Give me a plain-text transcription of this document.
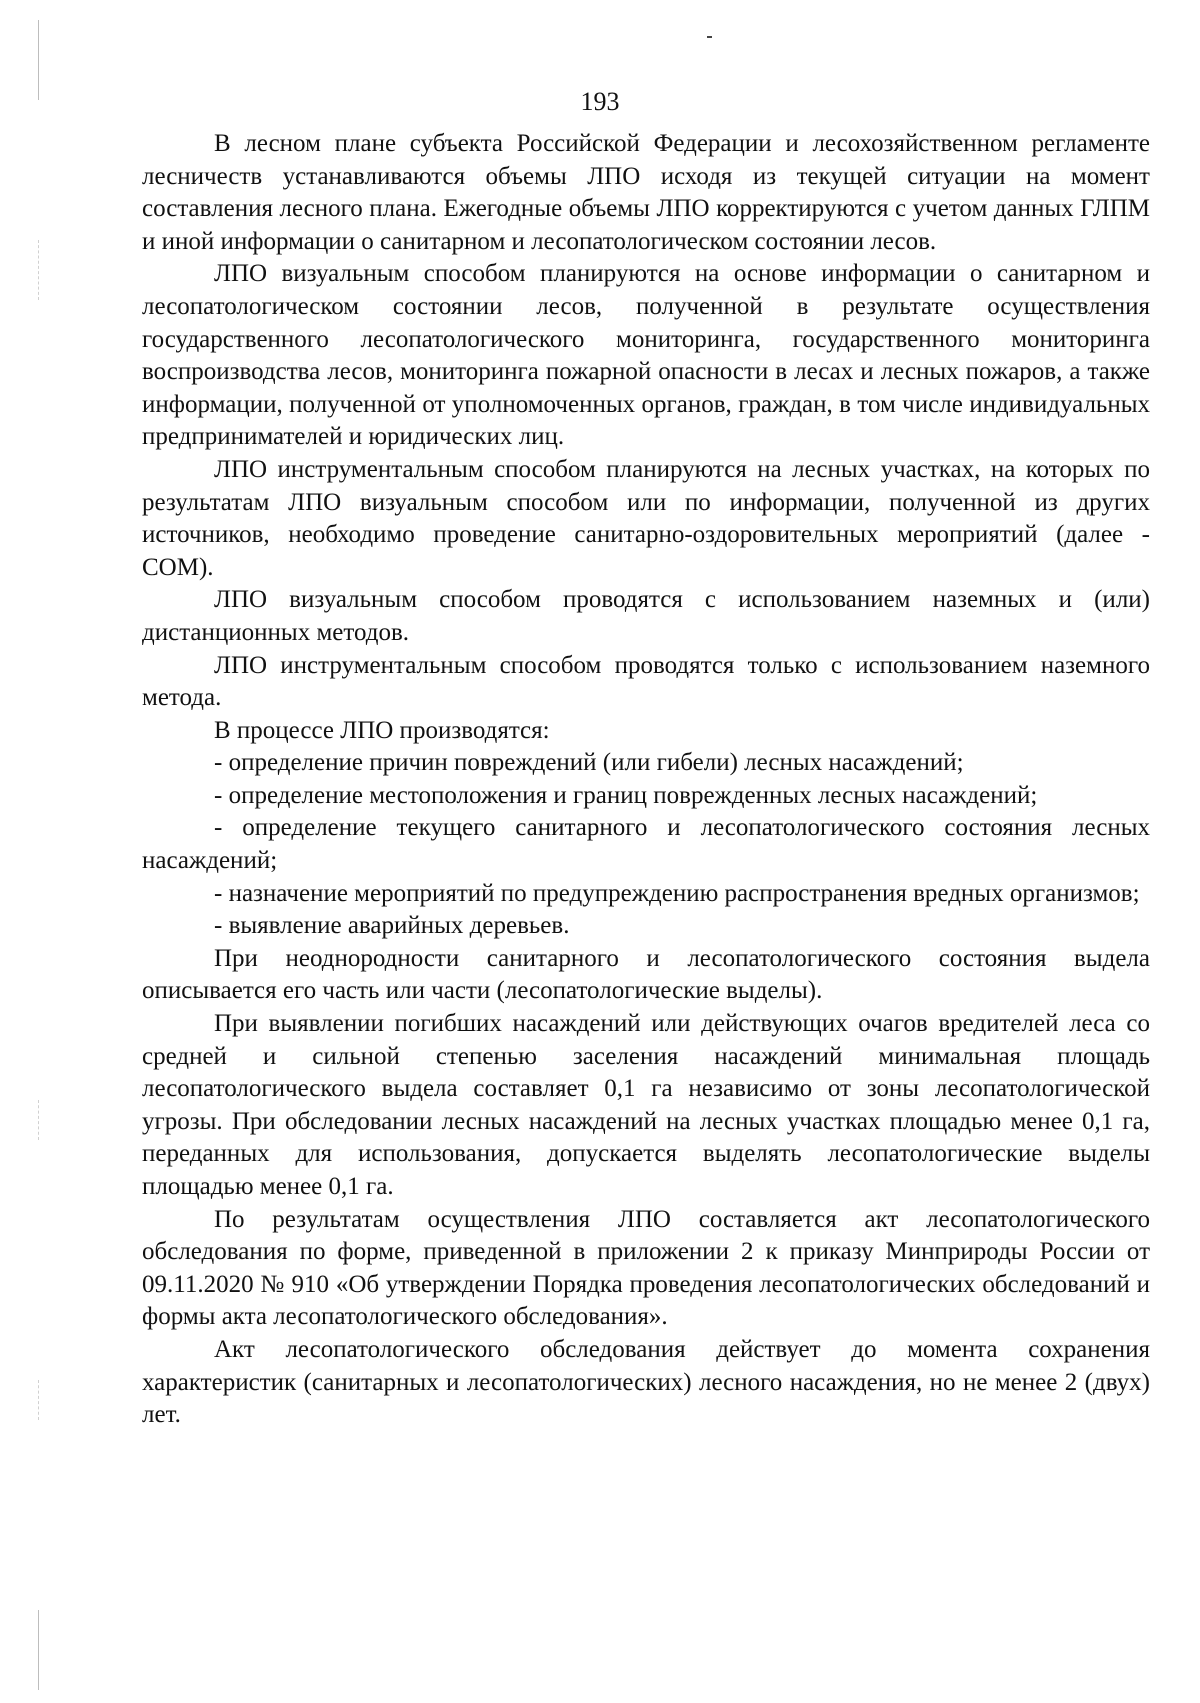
193

В лесном плане субъекта Российской Федерации и лесохозяйственном регламенте лесничеств устанавливаются объемы ЛПО исходя из текущей ситуации на момент составления лесного плана. Ежегодные объемы ЛПО корректируются с учетом данных ГЛПМ и иной информации о санитарном и лесопатологическом состоянии лесов.

ЛПО визуальным способом планируются на основе информации о санитарном и лесопатологическом состоянии лесов, полученной в результате осуществления государственного лесопатологического мониторинга, государственного мониторинга воспроизводства лесов, мониторинга пожарной опасности в лесах и лесных пожаров, а также информации, полученной от уполномоченных органов, граждан, в том числе индивидуальных предпринимателей и юридических лиц.

ЛПО инструментальным способом планируются на лесных участках, на которых по результатам ЛПО визуальным способом или по информации, полученной из других источников, необходимо проведение санитарно-оздоровительных мероприятий (далее - СОМ).

ЛПО визуальным способом проводятся с использованием наземных и (или) дистанционных методов.

ЛПО инструментальным способом проводятся только с использованием наземного метода.

В процессе ЛПО производятся:

- определение причин повреждений (или гибели) лесных насаждений;

- определение местоположения и границ поврежденных лесных насаждений;

- определение текущего санитарного и лесопатологического состояния лесных насаждений;

- назначение мероприятий по предупреждению распространения вредных организмов;

- выявление аварийных деревьев.

При неоднородности санитарного и лесопатологического состояния выдела описывается его часть или части (лесопатологические выделы).

При выявлении погибших насаждений или действующих очагов вредителей леса со средней и сильной степенью заселения насаждений минимальная площадь лесопатологического выдела составляет 0,1 га независимо от зоны лесопатологической угрозы. При обследовании лесных насаждений на лесных участках площадью менее 0,1 га, переданных для использования, допускается выделять лесопатологические выделы площадью менее 0,1 га.

По результатам осуществления ЛПО составляется акт лесопатологического обследования по форме, приведенной в приложении 2 к приказу Минприроды России от 09.11.2020 № 910 «Об утверждении Порядка проведения лесопатологических обследований и формы акта лесопатологического обследования».

Акт лесопатологического обследования действует до момента сохранения характеристик (санитарных и лесопатологических) лесного насаждения, но не менее 2 (двух) лет.
